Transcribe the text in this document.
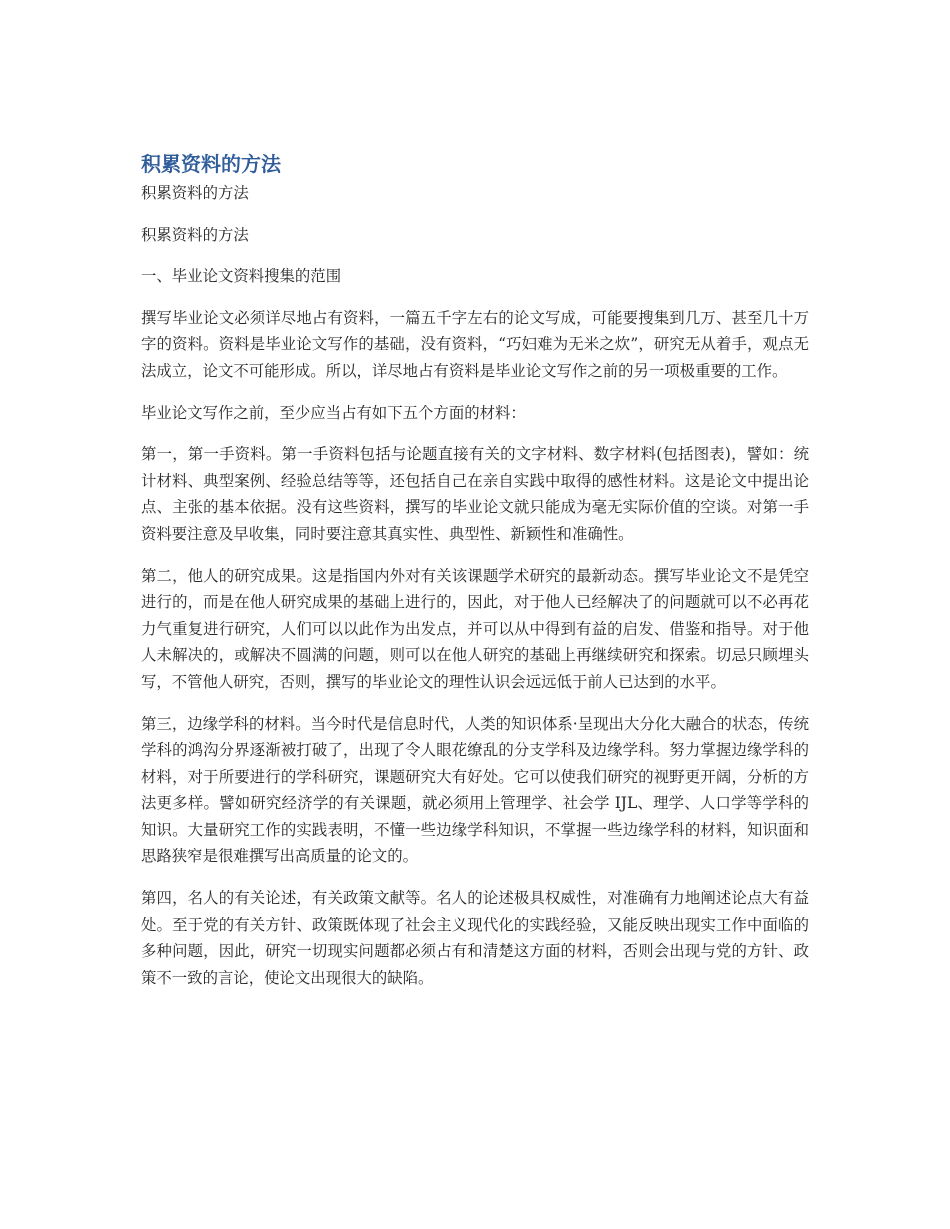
积累资料的方法

积累资料的方法

积累资料的方法

一、毕业论文资料搜集的范围

撰写毕业论文必须详尽地占有资料，一篇五千字左右的论文写成，可能要搜集到几万、甚至几十万字的资料。资料是毕业论文写作的基础，没有资料，“巧妇难为无米之炊”，研究无从着手，观点无法成立，论文不可能形成。所以，详尽地占有资料是毕业论文写作之前的另一项极重要的工作。

毕业论文写作之前，至少应当占有如下五个方面的材料：

第一，第一手资料。第一手资料包括与论题直接有关的文字材料、数字材料(包括图表)，譬如：统计材料、典型案例、经验总结等等，还包括自己在亲自实践中取得的感性材料。这是论文中提出论点、主张的基本依据。没有这些资料，撰写的毕业论文就只能成为毫无实际价值的空谈。对第一手资料要注意及早收集，同时要注意其真实性、典型性、新颖性和准确性。

第二，他人的研究成果。这是指国内外对有关该课题学术研究的最新动态。撰写毕业论文不是凭空进行的，而是在他人研究成果的基础上进行的，因此，对于他人已经解决了的问题就可以不必再花力气重复进行研究，人们可以以此作为出发点，并可以从中得到有益的启发、借鉴和指导。对于他人未解决的，或解决不圆满的问题，则可以在他人研究的基础上再继续研究和探索。切忌只顾埋头写，不管他人研究，否则，撰写的毕业论文的理性认识会远远低于前人已达到的水平。

第三，边缘学科的材料。当今时代是信息时代，人类的知识体系·呈现出大分化大融合的状态，传统学科的鸿沟分界逐渐被打破了，出现了令人眼花缭乱的分支学科及边缘学科。努力掌握边缘学科的材料，对于所要进行的学科研究，课题研究大有好处。它可以使我们研究的视野更开阔，分析的方法更多样。譬如研究经济学的有关课题，就必须用上管理学、社会学 IJL、理学、人口学等学科的知识。大量研究工作的实践表明，不懂一些边缘学科知识，不掌握一些边缘学科的材料，知识面和思路狭窄是很难撰写出高质量的论文的。

第四，名人的有关论述，有关政策文献等。名人的论述极具权威性，对准确有力地阐述论点大有益处。至于党的有关方针、政策既体现了社会主义现代化的实践经验，又能反映出现实工作中面临的多种问题，因此，研究一切现实问题都必须占有和清楚这方面的材料，否则会出现与党的方针、政策不一致的言论，使论文出现很大的缺陷。
